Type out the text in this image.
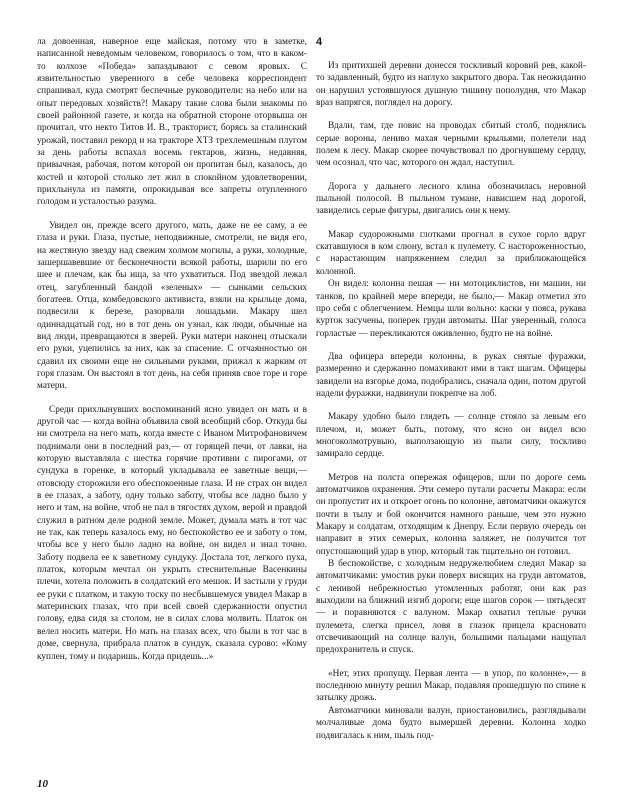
ла довоенная, наверное еще майская, потому что в заметке, написанной неведомым человеком, говорилось о том, что в каком-то колхозе «Победа» запаздывают с севом яровых. С язвительностью уверенного в себе человека корреспондент спрашивал, куда смотрят беспечные руководители: на небо или на опыт передовых хозяйств?! Макару такие слова были знакомы по своей районной газете, и когда на обратной стороне оторвыша он прочитал, что некто Титов И. В., тракторист, борясь за сталинский урожай, поставил рекорд и на тракторе ХТЗ трехлемешным плугом за день работы вспахал восемь гектаров, жизнь, недавняя, привычная, рабочая, потом которой он пропитан был, казалось, до костей и которой столько лет жил в спокойном удовлетворении, прихлынула из памяти, опрокидывая все запреты отупленного голодом и усталостью разума.

Увидел он, прежде всего другого, мать, даже не ее саму, а ее глаза и руки. Глаза, пустые, неподвижные, смотрели, не видя его, на жестяную звезду над свежим холмом могилы, а руки, холодные, зашершавевшие от бесконечности всякой работы, шарили по его шее и плечам, как бы ища, за что ухватиться. Под звездой лежал отец, загубленный бандой «зеленых» — сынками сельских богатеев. Отца, комбедовского активиста, взяли на крыльце дома, подвесили к березе, разорвали лошадьми. Макару шел одиннадцатый год, но в тот день он узнал, как люди, обычные на вид люди, превращаются в зверей. Руки матери наконец отыскали его руки, уцепились за них, как за спасение. С отчаянностью он сдавил их своими еще не сильными руками, прижал к жарким от горя глазам. Он выстоял в тот день, на себя приняв свое горе и горе матери.

Среди прихлынувших воспоминаний ясно увидел он мать и в другой час — когда война объявила свой всеобщий сбор. Откуда бы ни смотрела на него мать, когда вместе с Иваном Митрофановичем поднимали они в последний раз,— от горящей печи, от лавки, на которую выставляла с шестка горячие противни с пирогами, от сундука в горенке, в который укладывала ее заветные вещи,— отовсюду сторожили его обеспокоенные глаза. И не страх он видел в ее глазах, а заботу, одну только заботу, чтобы все ладно было у него и там, на войне, чтоб не пал в тягостях духом, верой и правдой служил в ратном деле родной земле. Может, думала мать в тот час не так, как теперь казалось ему, но беспокойство ее и заботу о том, чтобы все у него было ладно на войне, он видел и знал точно. Заботу подвела ее к заветному сундуку. Достала тот, легкого пуха, платок, которым мечтал он укрыть стеснительные Васенкины плечи, хотела положить в солдатский его мешок. И застыли у груди ее руки с платком, и такую тоску по несбывшемуся увидел Макар в материнских глазах, что при всей своей сдержанности опустил голову, едва сидя за столом, не в силах слова молвить. Платок он велел носить матери. Но мать на глазах всех, что были в тот час в доме, свернула, прибрала платок в сундук, сказала сурово: «Кому куплен, тому и подаришь. Когда придешь...»

4

Из притихшей деревни донесся тоскливый коровий рев, какой-то задавленный, будто из наглухо закрытого двора. Так неожиданно он нарушил устоявшуюся душную тишину пополудня, что Макар враз напрягся, поглядел на дорогу.

Вдали, там, где повис на проводах сбитый столб, поднялись серые вороны, лениво махая черными крыльями, полетели над полем к лесу. Макар скорее почувствовал по дрогнувшему сердцу, чем осознал, что час, которого он ждал, наступил.

Дорога у дальнего лесного клина обозначилась неровной пыльной полосой. В пыльном тумане, нависшем над дорогой, завиделись серые фигуры, двигались они к нему.

Макар судорожными глотками прогнал в сухое горло вдруг скатавшуюся в ком слюну, встал к пулемету. С настороженностью, с нарастающим напряжением следил за приближающейся колонной.

Он видел: колонна пешая — ни мотоциклистов, ни машин, ни танков, по крайней мере впереди, не было,— Макар отметил это про себя с облегчением. Немцы шли вольно: каски у пояса, рукава курток засучены, поперек груди автоматы. Шаг уверенный, голоса горластые — перекликаются оживленно, будто не на войне.

Два офицера впереди колонны, в руках снятые фуражки, размеренно и сдержанно помахивают ими в такт шагам. Офицеры завидели на взгорье дома, подобрались, сначала один, потом другой надели фуражки, надвинули покрепче на лоб.

Макару удобно было глядеть — солнце стояло за левым его плечом, и, может быть, потому, что ясно он видел всю многоколмотрувыю, выползающую из пыли силу, тоскливо замирало сердце.

Метров на полста опережая офицеров, шли по дороге семь автоматчиков охранения. Эти семеро путали расчеты Макара: если он пропустит их и откроет огонь по колонне, автоматчики окажутся почти в тылу и бой окончится намного раньше, чем это нужно Макару и солдатам, отходящим к Днепру. Если первую очередь он направит в этих семерых, колонна заляжет, не получится тот опустошающий удар в упор, который так тщательно он готовил.

В беспокойстве, с холодным недружелюбием следил Макар за автоматчиками: умостив руки поверх висящих на груди автоматов, с ленивой небрежностью утомленных работяг, они как раз выходили на ближний изгиб дороги; еще шагов сорок — пятьдесят — и поравняются с валуном. Макар охватил теплые ручки пулемета, слегка присел, ловя в глазок прицела красновато отсвечивающий на солнце валун, большими пальцами нащупал предохранитель и спуск.

«Нет, этих пропущу. Первая лента — в упор, по колонне»,— в последнюю минуту решил Макар, подавляя прошедшую по спине к затылку дрожь.

Автоматчики миновали валун, приостановились, разглядывали молчаливые дома будто вымершей деревни. Колонна ходко подвигалась к ним, пыль под-

10
